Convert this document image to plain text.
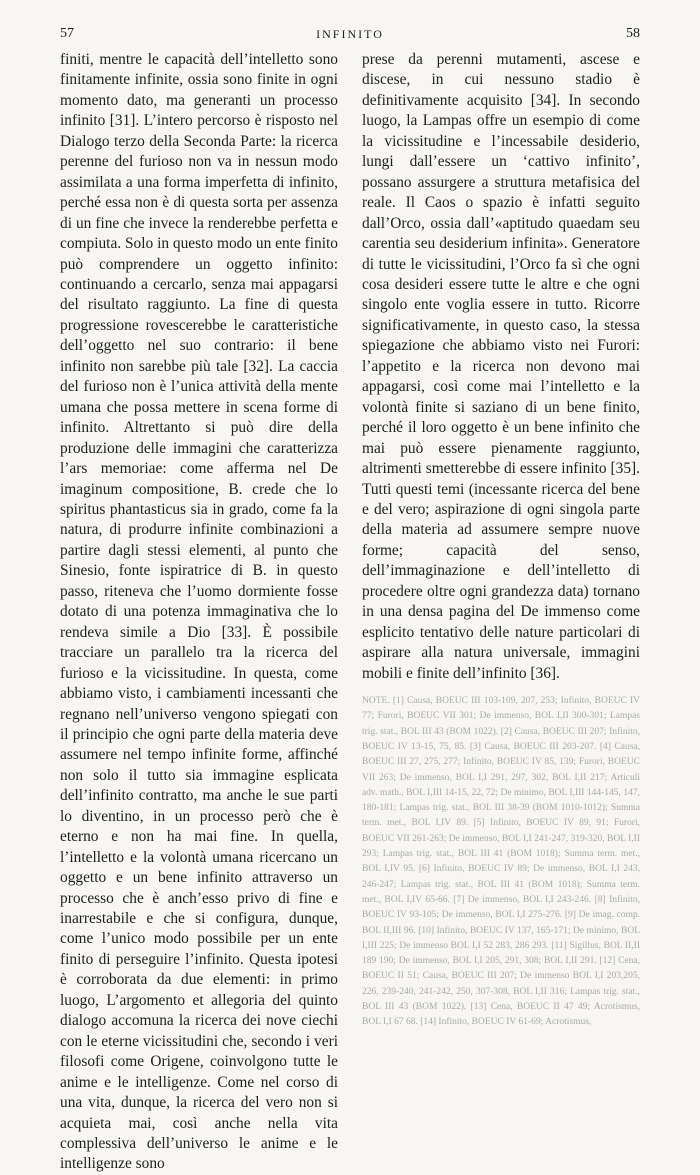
57	INFINITO	58

finiti, mentre le capacità dell’intelletto sono finitamente infinite, ossia sono finite in ogni momento dato, ma generanti un processo infinito [31]. L’intero percorso è risposto nel Dialogo terzo della Seconda Parte: la ricerca perenne del furioso non va in nessun modo assimilata a una forma imperfetta di infinito, perché essa non è di questa sorta per assenza di un fine che invece la renderebbe perfetta e compiuta. Solo in questo modo un ente finito può comprendere un oggetto infinito: continuando a cercarlo, senza mai appagarsi del risultato raggiunto. La fine di questa progressione rovescerebbe le caratteristiche dell’oggetto nel suo contrario: il bene infinito non sarebbe più tale [32]. La caccia del furioso non è l’unica attività della mente umana che possa mettere in scena forme di infinito. Altrettanto si può dire della produzione delle immagini che caratterizza l’ars memoriae: come afferma nel De imaginum compositione, B. crede che lo spiritus phantasticus sia in grado, come fa la natura, di produrre infinite combinazioni a partire dagli stessi elementi, al punto che Sinesio, fonte ispiratrice di B. in questo passo, riteneva che l’uomo dormiente fosse dotato di una potenza immaginativa che lo rendeva simile a Dio [33]. È possibile tracciare un parallelo tra la ricerca del furioso e la vicissitudine. In questa, come abbiamo visto, i cambiamenti incessanti che regnano nell’universo vengono spiegati con il principio che ogni parte della materia deve assumere nel tempo infinite forme, affinché non solo il tutto sia immagine esplicata dell’infinito contratto, ma anche le sue parti lo diventino, in un processo però che è eterno e non ha mai fine. In quella, l’intelletto e la volontà umana ricercano un oggetto e un bene infinito attraverso un processo che è anch’esso privo di fine e inarrestabile e che si configura, dunque, come l’unico modo possibile per un ente finito di perseguire l’infinito. Questa ipotesi è corroborata da due elementi: in primo luogo, L’argomento et allegoria del quinto dialogo accomuna la ricerca dei nove ciechi con le eterne vicissitudini che, secondo i veri filosofi come Origene, coinvolgono tutte le anime e le intelligenze. Come nel corso di una vita, dunque, la ricerca del vero non si acquieta mai, così anche nella vita complessiva dell’universo le anime e le intelligenze sono

prese da perenni mutamenti, ascese e discese, in cui nessuno stadio è definitivamente acquisito [34]. In secondo luogo, la Lampas offre un esempio di come la vicissitudine e l’incessabile desiderio, lungi dall’essere un ‘cattivo infinito’, possano assurgere a struttura metafisica del reale. Il Caos o spazio è infatti seguito dall’Orco, ossia dall’«aptitudo quaedam seu carentia seu desiderium infinita». Generatore di tutte le vicissitudini, l’Orco fa sì che ogni cosa desideri essere tutte le altre e che ogni singolo ente voglia essere in tutto. Ricorre significativamente, in questo caso, la stessa spiegazione che abbiamo visto nei Furori: l’appetito e la ricerca non devono mai appagarsi, così come mai l’intelletto e la volontà finite si saziano di un bene finito, perché il loro oggetto è un bene infinito che mai può essere pienamente raggiunto, altrimenti smetterebbe di essere infinito [35]. Tutti questi temi (incessante ricerca del bene e del vero; aspirazione di ogni singola parte della materia ad assumere sempre nuove forme; capacità del senso, dell’immaginazione e dell’intelletto di procedere oltre ogni grandezza data) tornano in una densa pagina del De immenso come esplicito tentativo delle nature particolari di aspirare alla natura universale, immagini mobili e finite dell’infinito [36].

NOTE. [1] Causa, BOEUC III 103-109, 207, 253; Infinito, BOEUC IV 77; Furori, BOEUC VII 301; De immenso, BOL I,II 300-301; Lampas trig. stat., BOL III 43 (BOM 1022). [2] Causa, BOEUC III 207; Infinito, BOEUC IV 13-15, 75, 85. [3] Causa, BOEUC III 203-207. [4] Causa, BOEUC III 27, 275, 277; Infinito, BOEUC IV 85, 139; Furori, BOEUC VII 263; De immenso, BOL I,I 291, 297, 302, BOL I,II 217; Articuli adv. math., BOL I,III 14-15, 22, 72; De minimo, BOL I,III 144-145, 147, 180-181; Lampas trig. stat., BOL III 38-39 (BOM 1010-1012); Summa term. met., BOL I,IV 89. [5] Infinito, BOEUC IV 89, 91; Furori, BOEUC VII 261-263; De immenso, BOL I,I 241-247, 319-320, BOL I,II 293; Lampas trig. stat., BOL III 41 (BOM 1018); Summa term. met., BOL I,IV 95. [6] Infinito, BOEUC IV 89; De immenso, BOL I,I 243, 246-247; Lampas trig. stat., BOL III 41 (BOM 1018); Summa term. met., BOL I,IV 65-66. [7] De immenso, BOL I,I 243-246. [8] Infinito, BOEUC IV 93-105; De immenso, BOL I,I 275-276. [9] De imag. comp. BOL II,III 96. [10] Infinito, BOEUC IV 137, 165-171; De minimo, BOL I,III 225; De immenso BOL I,I 52 283, 286 293. [11] Sigillus, BOL II,II 189 190; De immenso, BOL I,I 205, 291, 308; BOL I,II 291. [12] Cena, BOEUC II 51; Causa, BOEUC III 207; De immenso BOL I,I 203,205, 226, 239-240, 241-242, 250, 307-308, BOL I,II 316; Lampas trig. stat., BOL III 43 (BOM 1022). [13] Cena, BOEUC II 47 49; Acrotismus, BOL I,I 67 68. [14] Infinito, BOEUC IV 61-69; Acrotismus,
